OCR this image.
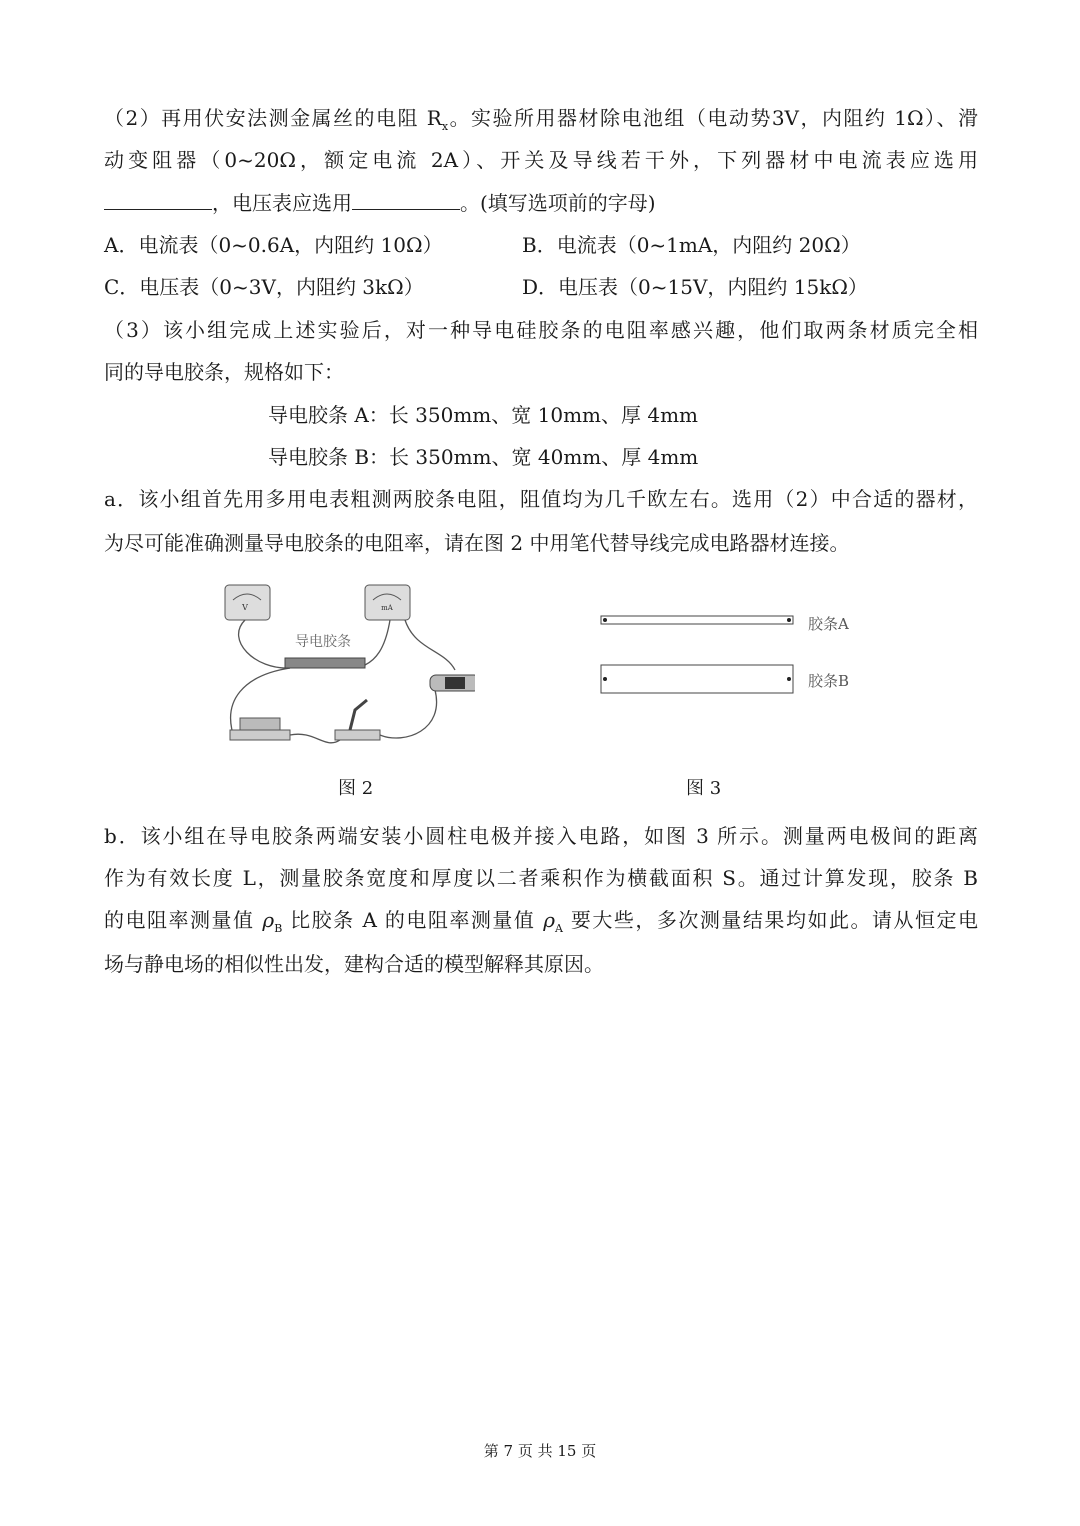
（2）再用伏安法测金属丝的电阻 $R_x$。实验所用器材除电池组（电动势3V，内阻约 1Ω）、滑
动变阻器（0~20Ω，额定电流 2A）、开关及导线若干外，下列器材中电流表应选用
，电压表应选用	。(填写选项前的字母)
A．电流表（0~0.6A，内阻约 10Ω）	B．电流表（0~1mA，内阻约 20Ω）
C．电压表（0~3V，内阻约 3kΩ）	D．电压表（0~15V，内阻约 15kΩ）
（3）该小组完成上述实验后，对一种导电硅胶条的电阻率感兴趣，他们取两条材质完全相
同的导电胶条，规格如下：
导电胶条 A：长 350mm、宽 10mm、厚 4mm
导电胶条 B：长 350mm、宽 40mm、厚 4mm
a．该小组首先用多用电表粗测两胶条电阻，阻值均为几千欧左右。选用（2）中合适的器材，
为尽可能准确测量导电胶条的电阻率，请在图 2 中用笔代替导线完成电路器材连接。
V	mA
导电胶条
胶条A
胶条B
图 2	图 3
b．该小组在导电胶条两端安装小圆柱电极并接入电路，如图 3 所示。测量两电极间的距离
作为有效长度 L，测量胶条宽度和厚度以二者乘积作为横截面积 S。通过计算发现，胶条 B
的电阻率测量值 $\rho_B$ 比胶条 A 的电阻率测量值 $\rho_A$ 要大些，多次测量结果均如此。请从恒定电
场与静电场的相似性出发，建构合适的模型解释其原因。
第 7 页 共 15 页
